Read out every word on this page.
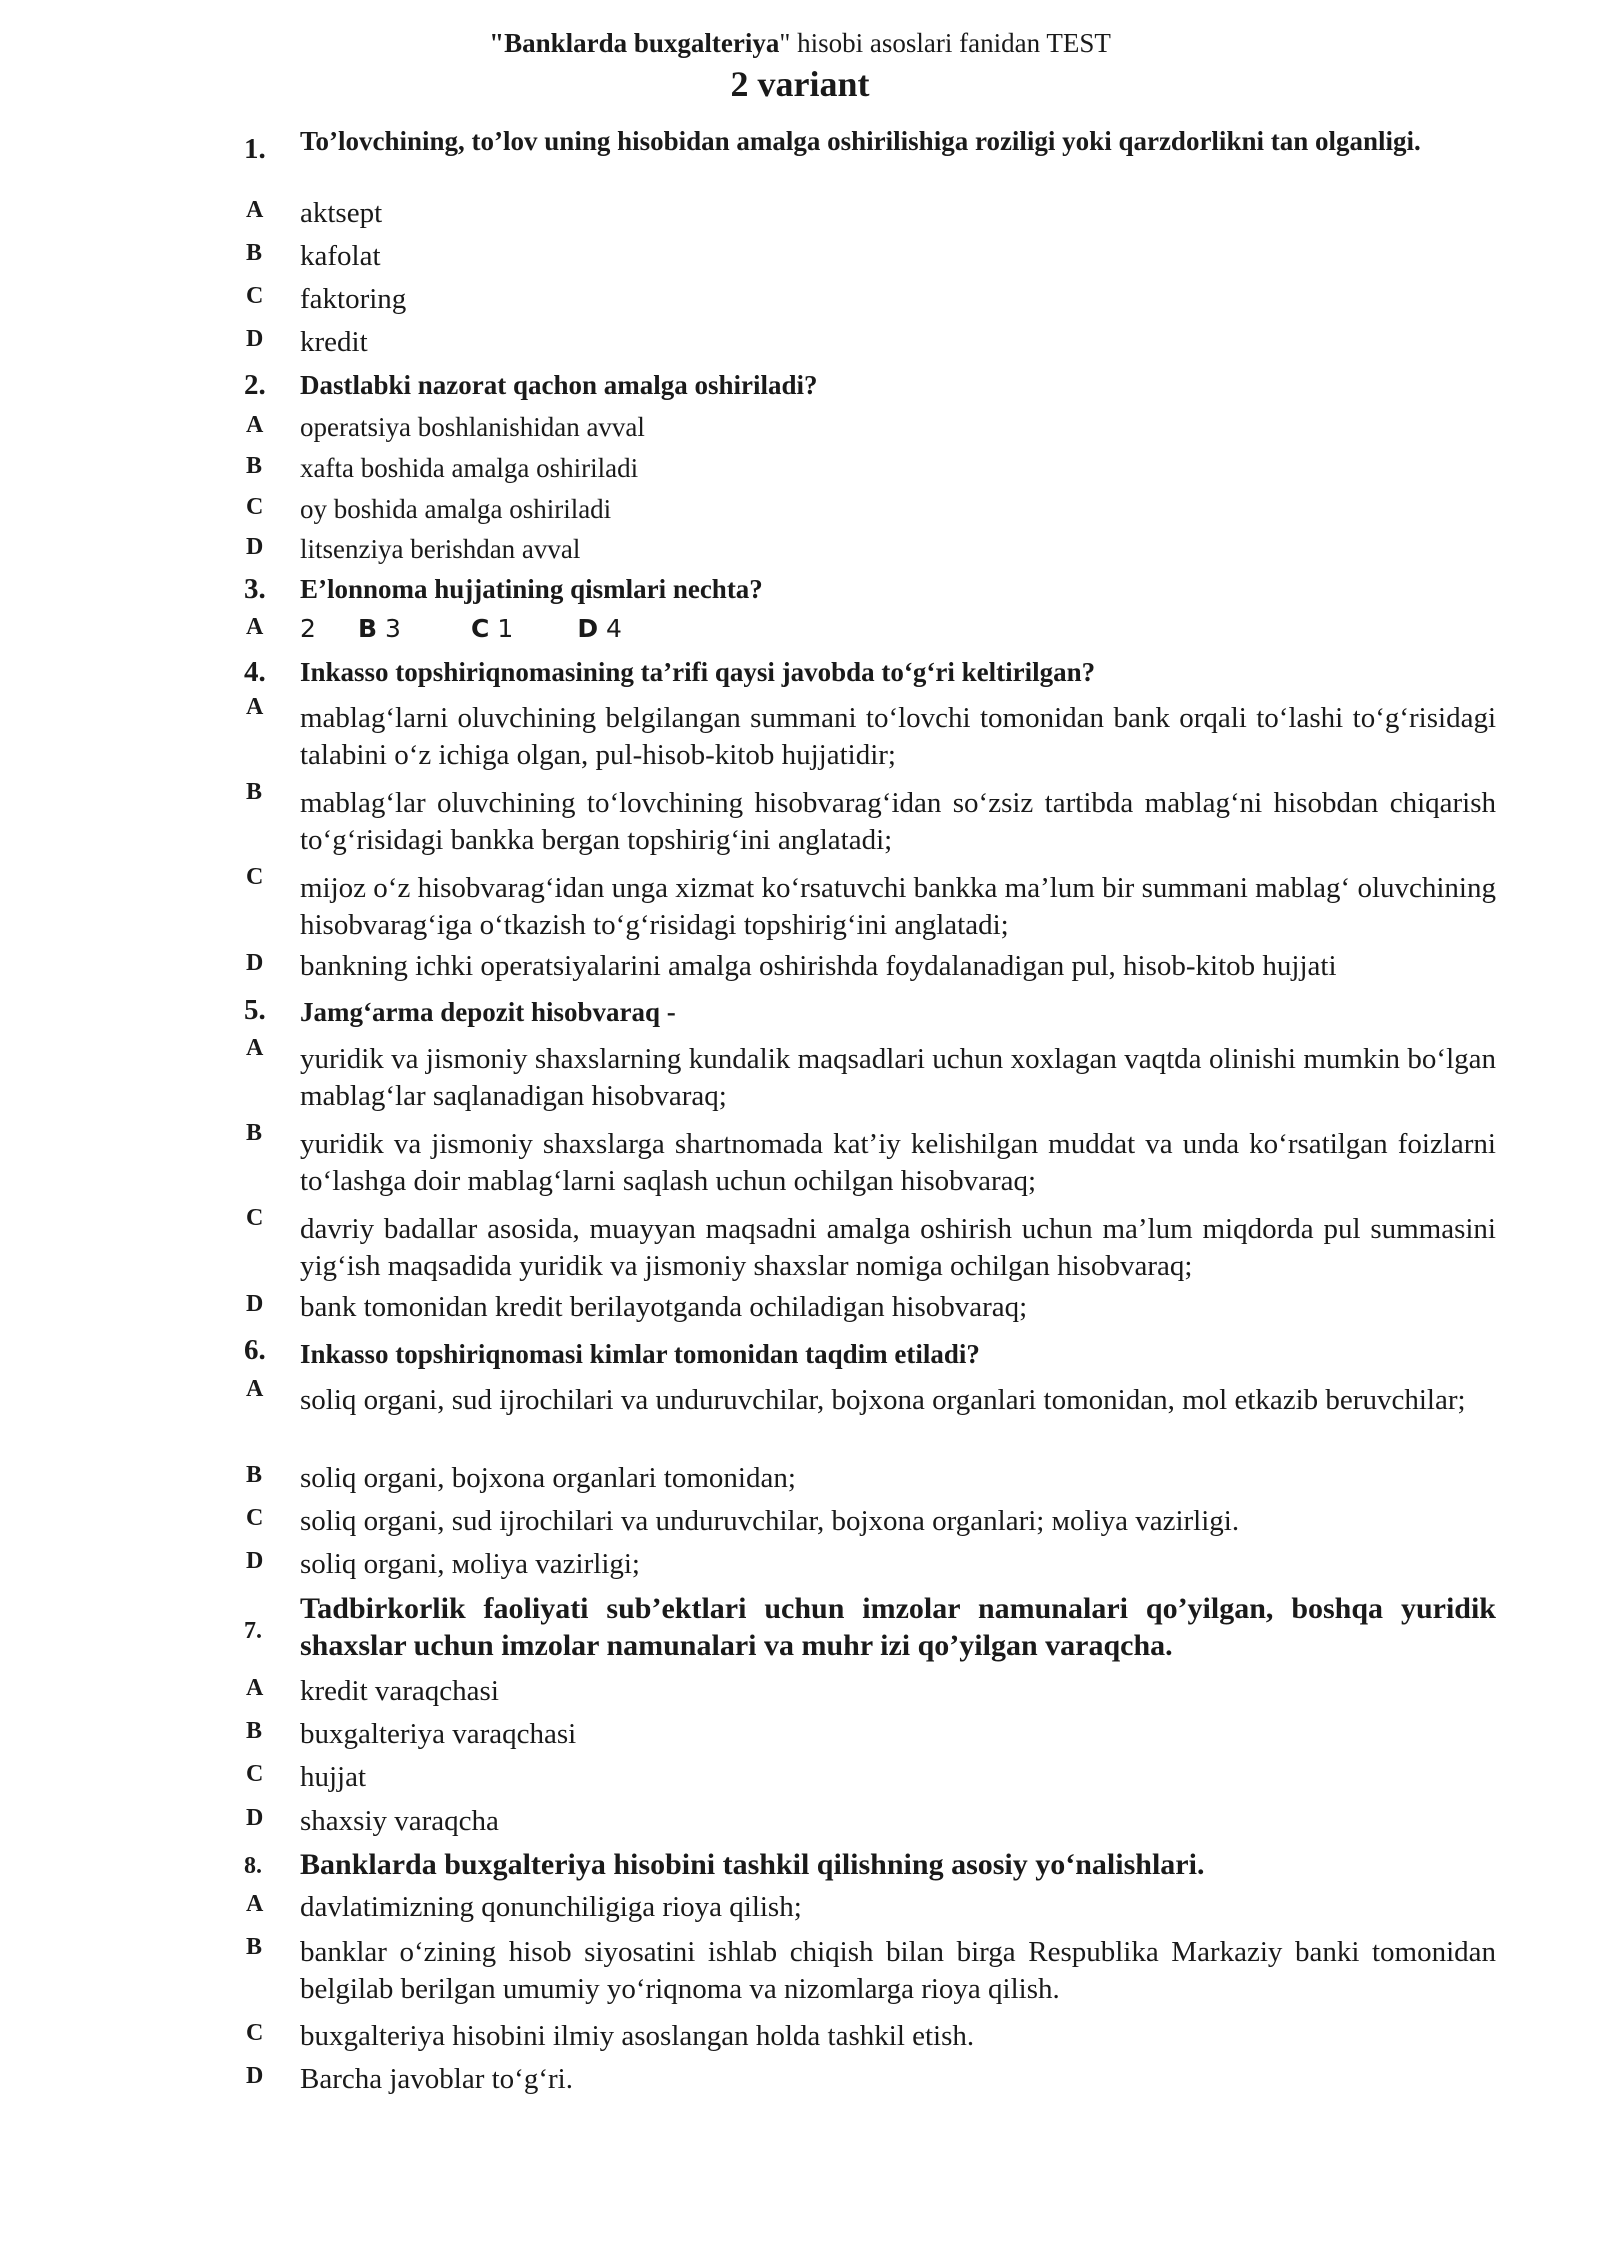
"Banklarda buxgalteriya" hisobi asoslari fanidan TEST
2 variant
1. To’lovchining, to’lov uning hisobidan amalga oshirilishiga roziligi yoki qarzdorlikni tan olganligi.
A aktsept
B kafolat
C faktoring
D kredit
2. Dastlabki nazorat qachon amalga oshiriladi?
A operatsiya boshlanishidan avval
B xafta boshida amalga oshiriladi
C oy boshida amalga oshiriladi
D litsenziya berishdan avval
3. E’lonnoma hujjatining qismlari nechta?
A 2 B 3	C 1	D 4
4. Inkasso topshiriqnomasining ta’rifi qaysi javobda to‘g‘ri keltirilgan?
A mablag‘larni oluvchining belgilangan summani to‘lovchi tomonidan bank orqali to‘lashi to‘g‘risidagi talabini o‘z ichiga olgan, pul-hisob-kitob hujjatidir;
B mablag‘lar oluvchining to‘lovchining hisobvarag‘idan so‘zsiz tartibda mablag‘ni hisobdan chiqarish to‘g‘risidagi bankka bergan topshirig‘ini anglatadi;
C mijoz o‘z hisobvarag‘idan unga xizmat ko‘rsatuvchi bankka ma’lum bir summani mablag‘ oluvchining hisobvarag‘iga o‘tkazish to‘g‘risidagi topshirig‘ini anglatadi;
D bankning ichki operatsiyalarini amalga oshirishda foydalanadigan pul, hisob-kitob hujjati
5. Jamg‘arma depozit hisobvaraq -
A yuridik va jismoniy shaxslarning kundalik maqsadlari uchun xoxlagan vaqtda olinishi mumkin bo‘lgan mablag‘lar saqlanadigan hisobvaraq;
B yuridik va jismoniy shaxslarga shartnomada kat’iy kelishilgan muddat va unda ko‘rsatilgan foizlarni to‘lashga doir mablag‘larni saqlash uchun ochilgan hisobvaraq;
C davriy badallar asosida, muayyan maqsadni amalga oshirish uchun ma’lum miqdorda pul summasini yig‘ish maqsadida yuridik va jismoniy shaxslar nomiga ochilgan hisobvaraq;
D bank tomonidan kredit berilayotganda ochiladigan hisobvaraq;
6. Inkasso topshiriqnomasi kimlar tomonidan taqdim etiladi?
A soliq organi, sud ijrochilari va unduruvchilar, bojxona organlari tomonidan, mol etkazib beruvchilar;
B soliq organi, bojxona organlari tomonidan;
C soliq organi, sud ijrochilari va unduruvchilar, bojxona organlari; мoliya vazirligi.
D soliq organi, мoliya vazirligi;
7.
Tadbirkorlik faoliyati sub’ektlari uchun imzolar namunalari qo’yilgan, boshqa yuridik shaxslar uchun imzolar namunalari va muhr izi qo’yilgan varaqcha.
A kredit varaqchasi
B buxgalteriya varaqchasi
C hujjat
D shaxsiy varaqcha
8. Banklarda buxgalteriya hisobini tashkil qilishning asosiy yo‘nalishlari.
A davlatimizning qonunchiligiga rioya qilish;
B banklar o‘zining hisob siyosatini ishlab chiqish bilan birga Respublika Markaziy banki tomonidan belgilab berilgan umumiy yo‘riqnoma va nizomlarga rioya qilish.
C buxgalteriya hisobini ilmiy asoslangan holda tashkil etish.
D Barcha javoblar to‘g‘ri.
